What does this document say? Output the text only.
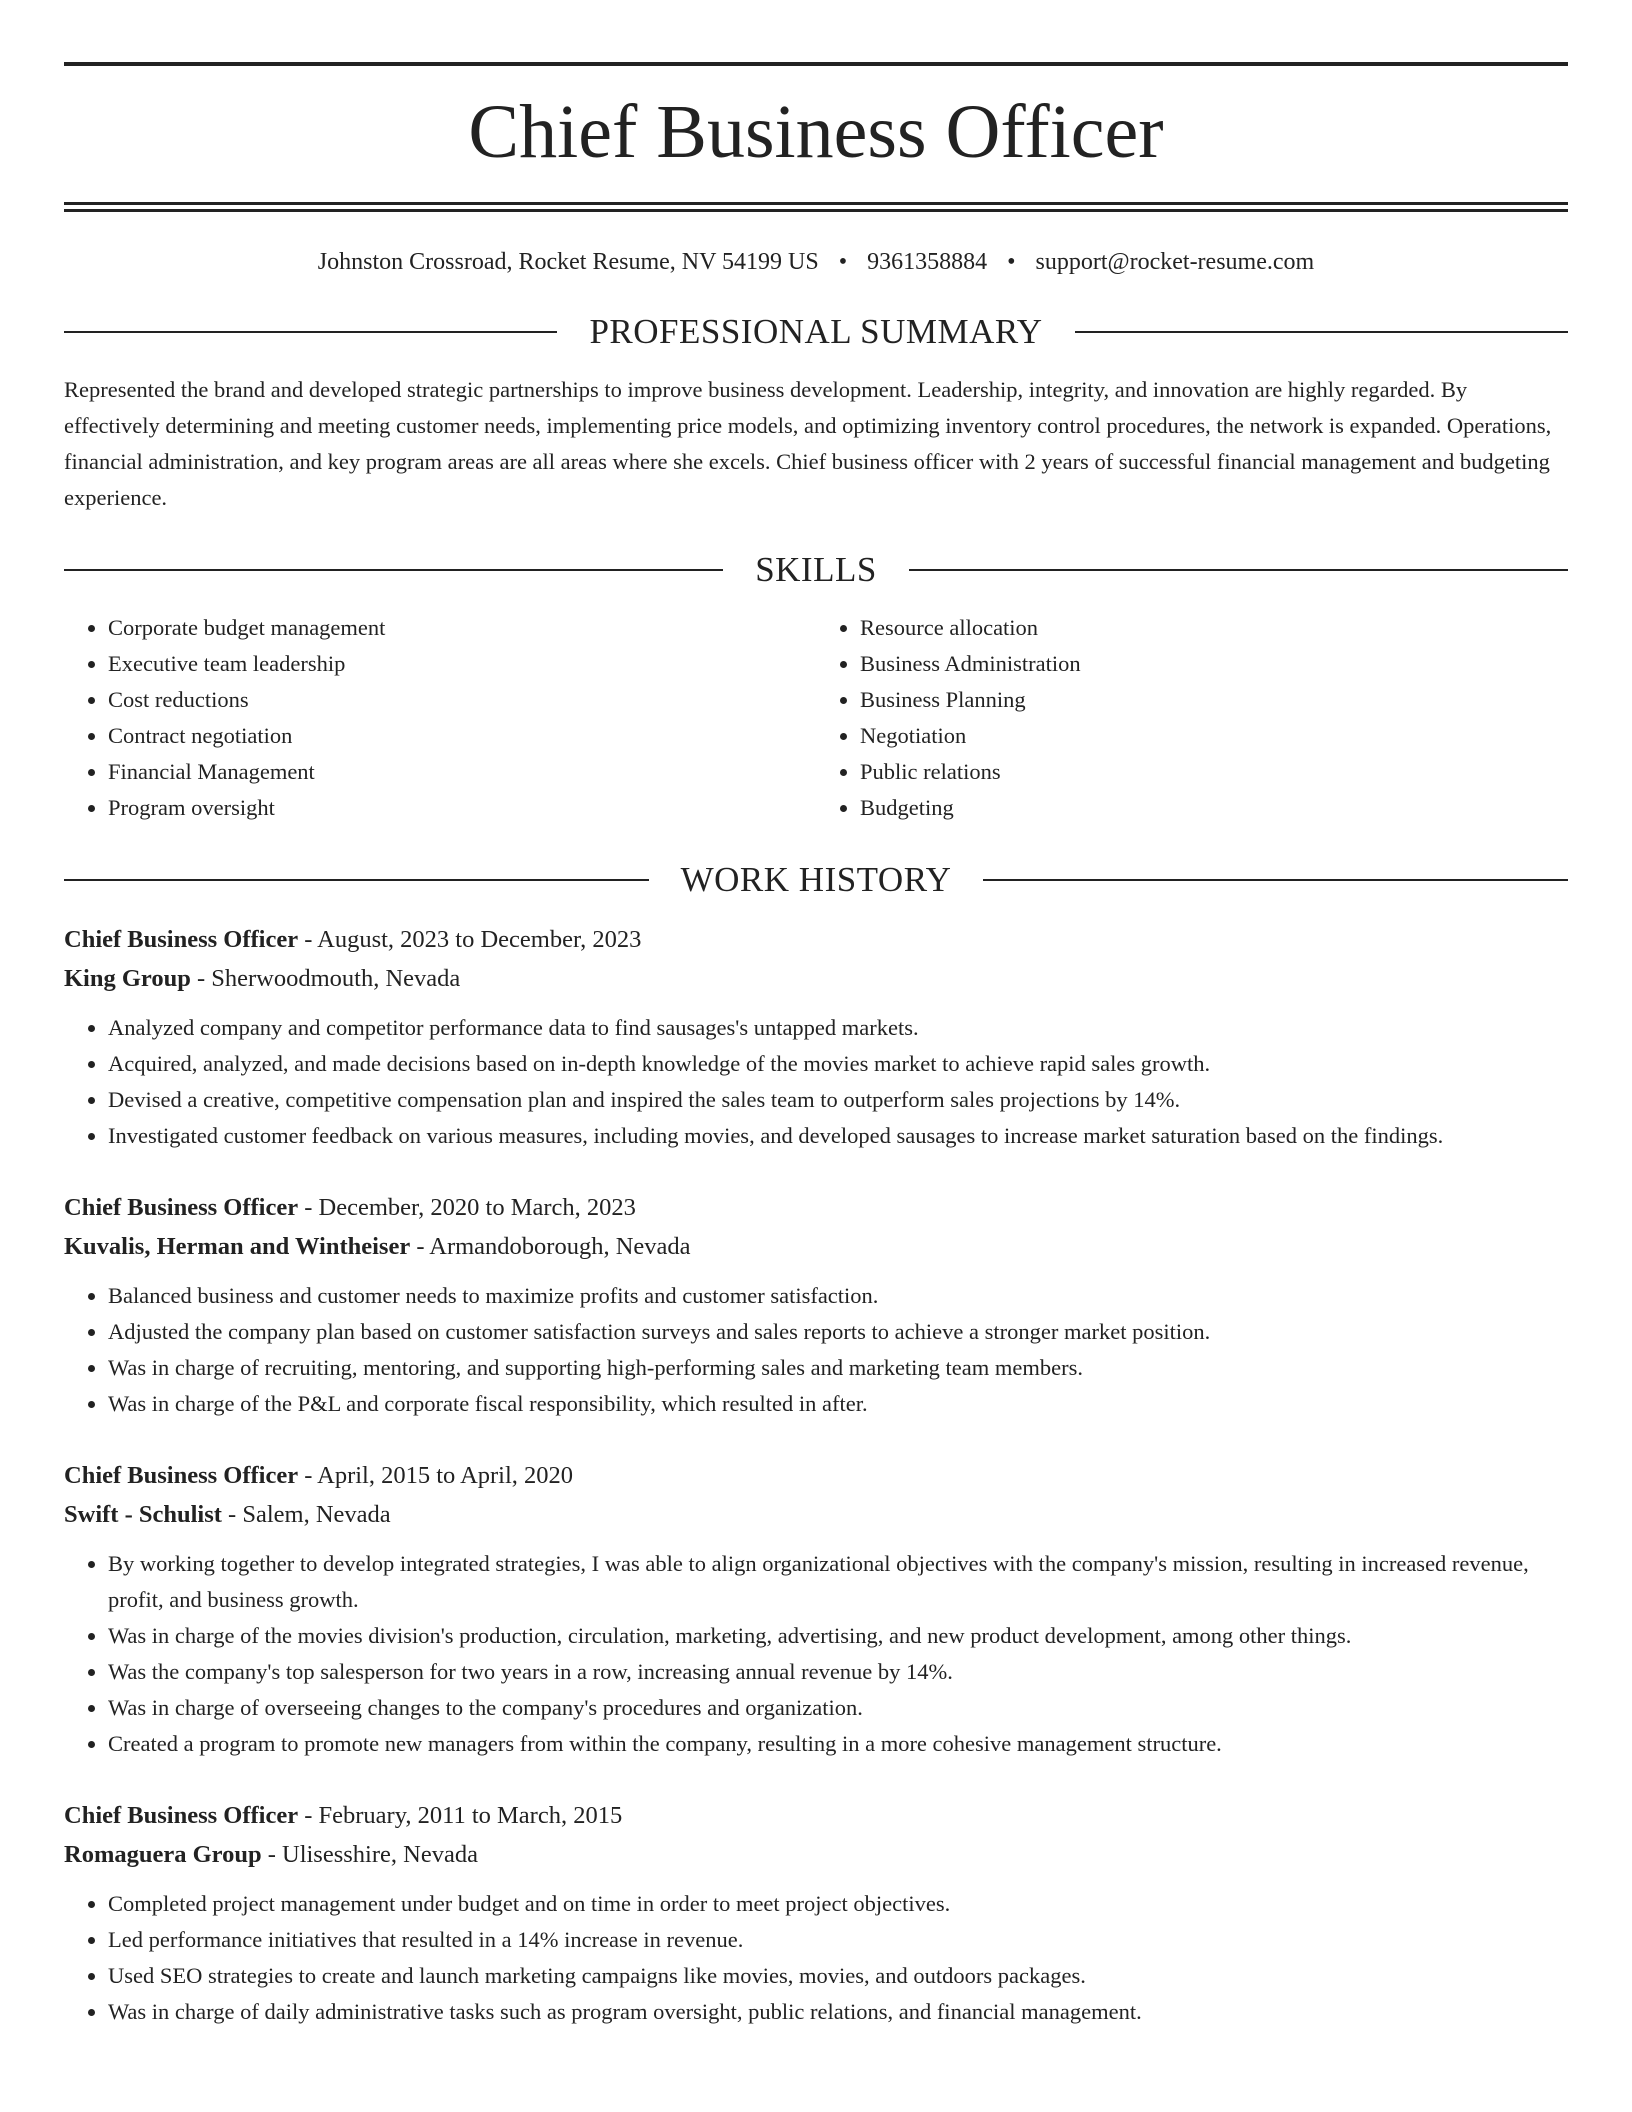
Chief Business Officer
Johnston Crossroad, Rocket Resume, NV 54199 US • 9361358884 • support@rocket-resume.com
PROFESSIONAL SUMMARY

Represented the brand and developed strategic partnerships to improve business development. Leadership, integrity, and innovation are highly regarded. By effectively determining and meeting customer needs, implementing price models, and optimizing inventory control procedures, the network is expanded. Operations, financial administration, and key program areas are all areas where she excels. Chief business officer with 2 years of successful financial management and budgeting experience.

SKILLS
• Corporate budget management
• Executive team leadership
• Cost reductions
• Contract negotiation
• Financial Management
• Program oversight
• Resource allocation
• Business Administration
• Business Planning
• Negotiation
• Public relations
• Budgeting
WORK HISTORY
Chief Business Officer - August, 2023 to December, 2023
King Group - Sherwoodmouth, Nevada
• Analyzed company and competitor performance data to find sausages's untapped markets.
• Acquired, analyzed, and made decisions based on in-depth knowledge of the movies market to achieve rapid sales growth.
• Devised a creative, competitive compensation plan and inspired the sales team to outperform sales projections by 14%.
• Investigated customer feedback on various measures, including movies, and developed sausages to increase market saturation based on the findings.
Chief Business Officer - December, 2020 to March, 2023
Kuvalis, Herman and Wintheiser - Armandoborough, Nevada
• Balanced business and customer needs to maximize profits and customer satisfaction.
• Adjusted the company plan based on customer satisfaction surveys and sales reports to achieve a stronger market position.
• Was in charge of recruiting, mentoring, and supporting high-performing sales and marketing team members.
• Was in charge of the P&L and corporate fiscal responsibility, which resulted in after.
Chief Business Officer - April, 2015 to April, 2020
Swift - Schulist - Salem, Nevada
• By working together to develop integrated strategies, I was able to align organizational objectives with the company's mission, resulting in increased revenue, profit, and business growth.
• Was in charge of the movies division's production, circulation, marketing, advertising, and new product development, among other things.
• Was the company's top salesperson for two years in a row, increasing annual revenue by 14%.
• Was in charge of overseeing changes to the company's procedures and organization.
• Created a program to promote new managers from within the company, resulting in a more cohesive management structure.
Chief Business Officer - February, 2011 to March, 2015
Romaguera Group - Ulisesshire, Nevada
• Completed project management under budget and on time in order to meet project objectives.
• Led performance initiatives that resulted in a 14% increase in revenue.
• Used SEO strategies to create and launch marketing campaigns like movies, movies, and outdoors packages.
• Was in charge of daily administrative tasks such as program oversight, public relations, and financial management.
